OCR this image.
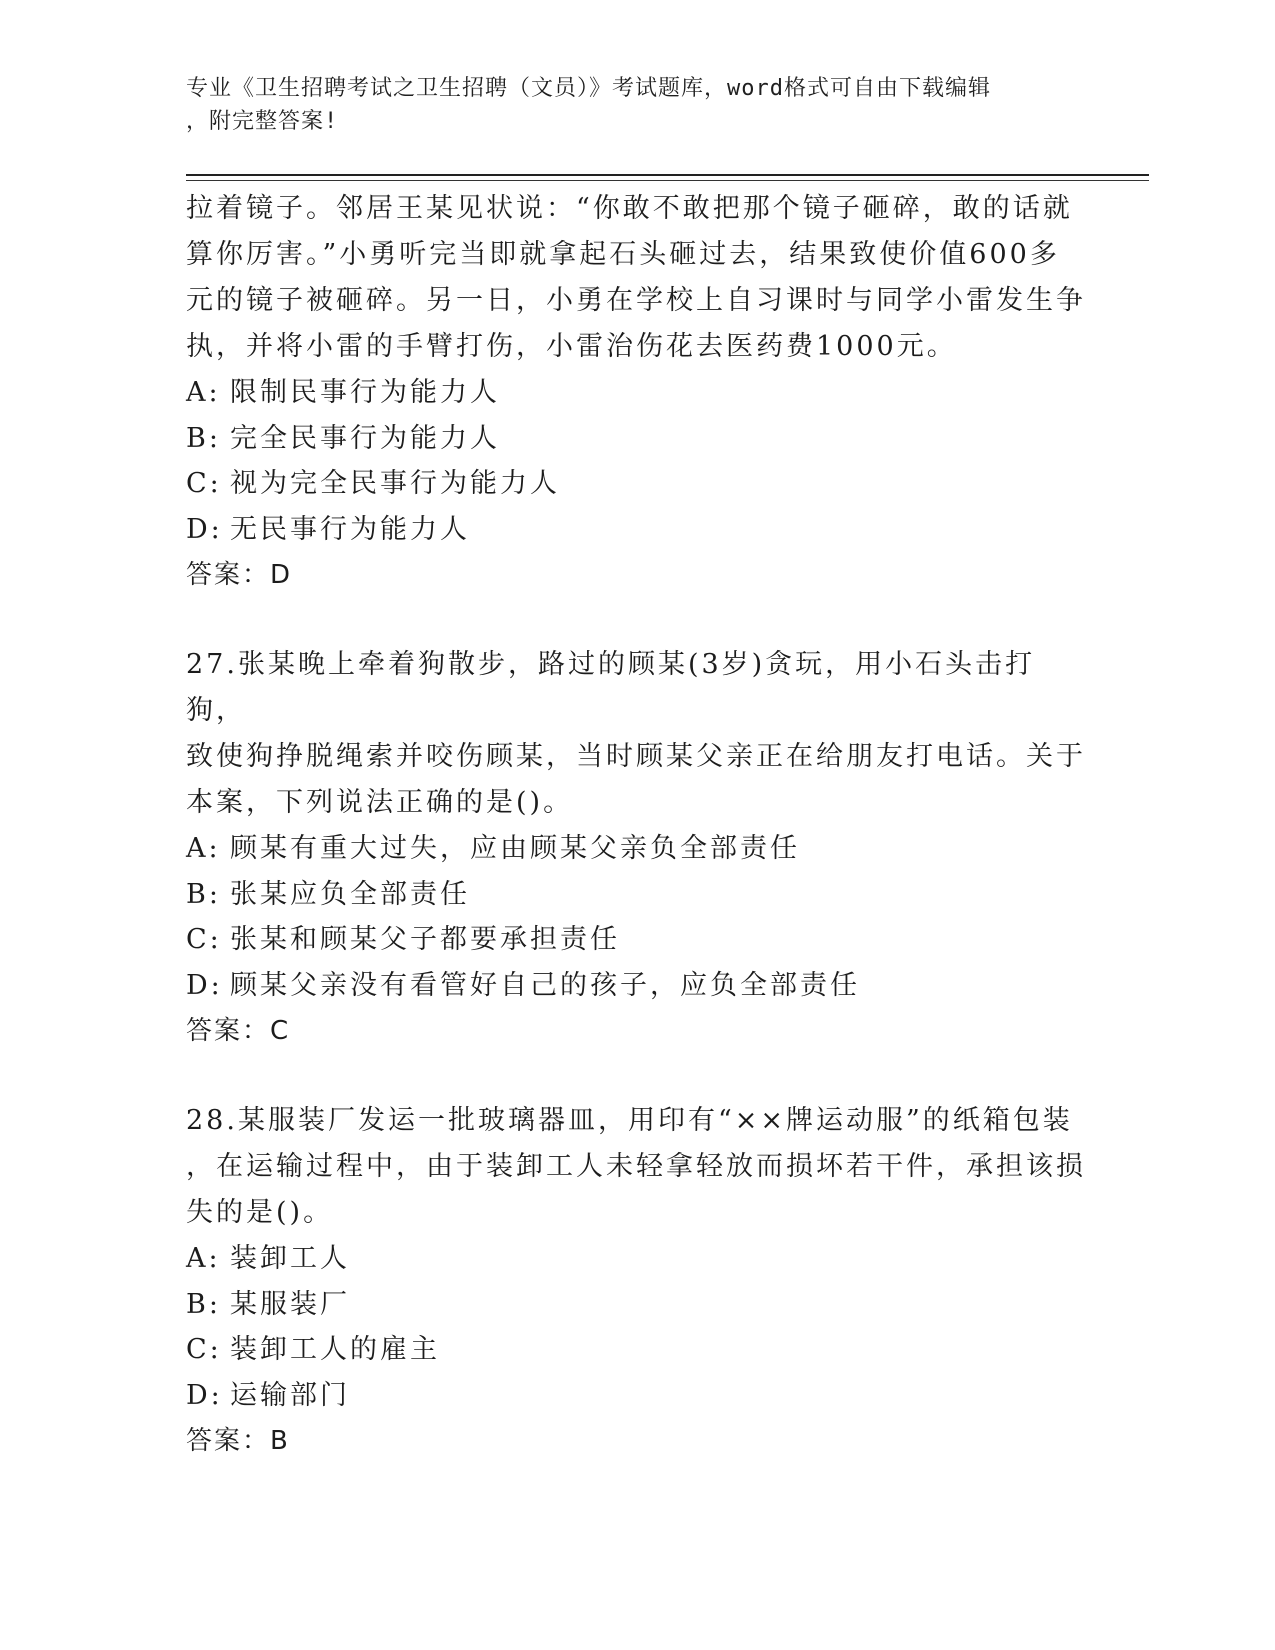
专业《卫生招聘考试之卫生招聘（文员）》考试题库，word格式可自由下载编辑
，附完整答案!

拉着镜子。邻居王某见状说：“你敢不敢把那个镜子砸碎，敢的话就

算你厉害。”小勇听完当即就拿起石头砸过去，结果致使价值600多

元的镜子被砸碎。另一日，小勇在学校上自习课时与同学小雷发生争

执，并将小雷的手臂打伤，小雷治伤花去医药费1000元。

A: 限制民事行为能力人

B: 完全民事行为能力人

C: 视为完全民事行为能力人

D: 无民事行为能力人

答案：D

27.张某晚上牵着狗散步，路过的顾某(3岁)贪玩，用小石头击打狗，

致使狗挣脱绳索并咬伤顾某，当时顾某父亲正在给朋友打电话。关于

本案，下列说法正确的是()。

A: 顾某有重大过失，应由顾某父亲负全部责任

B: 张某应负全部责任

C: 张某和顾某父子都要承担责任

D: 顾某父亲没有看管好自己的孩子，应负全部责任

答案：C

28.某服装厂发运一批玻璃器皿，用印有“××牌运动服”的纸箱包装

，在运输过程中，由于装卸工人未轻拿轻放而损坏若干件，承担该损

失的是()。

A: 装卸工人

B: 某服装厂

C: 装卸工人的雇主

D: 运输部门

答案：B
